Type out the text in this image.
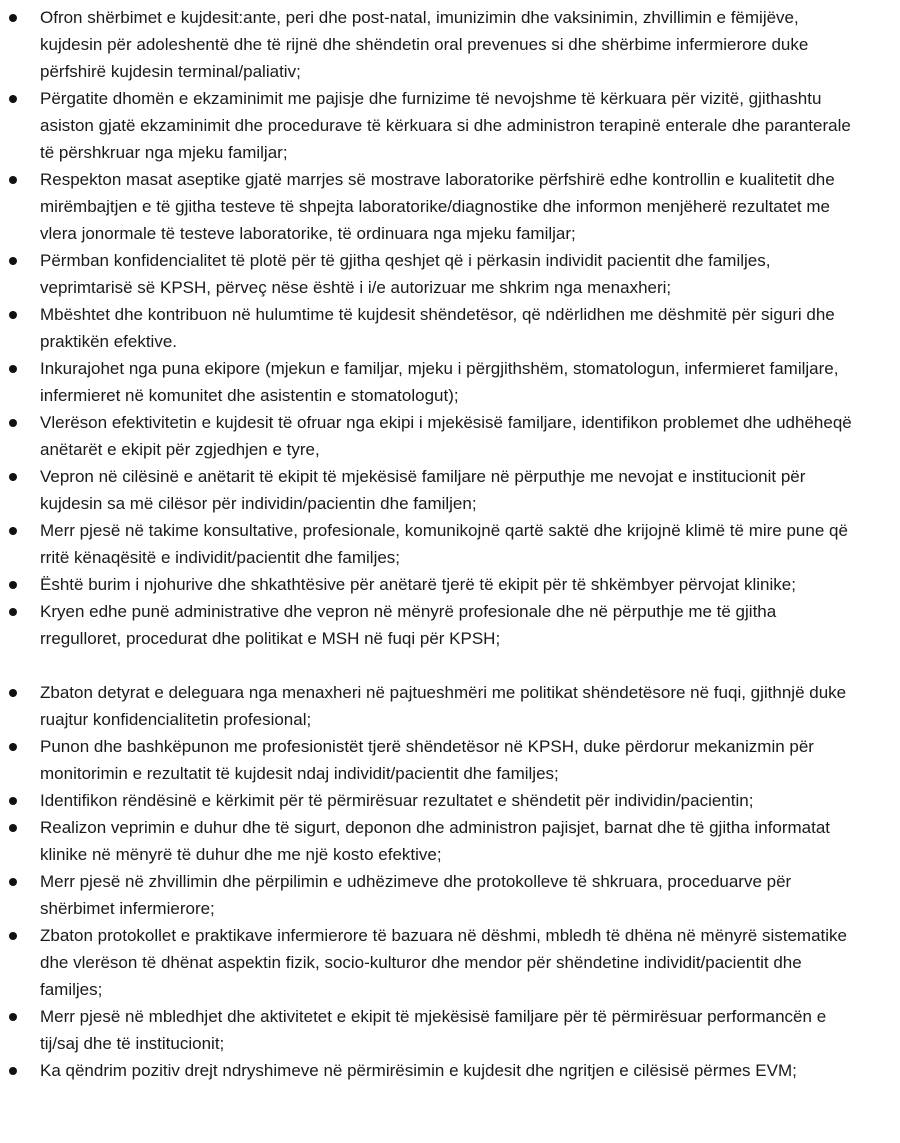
Ofron shërbimet e kujdesit:ante, peri dhe post-natal, imunizimin dhe vaksinimin, zhvillimin e fëmijëve, kujdesin për adoleshentë dhe të rijnë dhe shëndetin oral prevenues si dhe shërbime infermierore duke përfshirë kujdesin terminal/paliativ;
Përgatite dhomën e ekzaminimit me pajisje dhe furnizime të nevojshme të kërkuara për vizitë, gjithashtu asiston gjatë ekzaminimit dhe procedurave të kërkuara si dhe administron terapinë enterale dhe paranterale të përshkruar nga mjeku familjar;
Respekton masat aseptike gjatë marrjes së mostrave laboratorike përfshirë edhe kontrollin e kualitetit dhe mirëmbajtjen e të gjitha testeve të shpejta laboratorike/diagnostike dhe informon menjëherë rezultatet me vlera jonormale të testeve laboratorike, të ordinuara nga mjeku familjar;
Përmban konfidencialitet të plotë për të gjitha qeshjet që i përkasin individit pacientit dhe familjes, veprimtarisë së KPSH, përveç nëse është i i/e autorizuar me shkrim nga menaxheri;
Mbështet dhe kontribuon në hulumtime të kujdesit shëndetësor, që ndërlidhen me dëshmitë për siguri dhe praktikën efektive.
Inkurajohet nga puna ekipore (mjekun e familjar, mjeku i përgjithshëm, stomatologun, infermieret familjare, infermieret në komunitet dhe asistentin e stomatologut);
Vlerëson efektivitetin e kujdesit të ofruar nga ekipi i mjekësisë familjare, identifikon problemet dhe udhëheqë anëtarët e ekipit për zgjedhjen e tyre,
Vepron në cilësinë e anëtarit të ekipit të mjekësisë familjare në përputhje me nevojat e institucionit për kujdesin sa më cilësor për individin/pacientin dhe familjen;
Merr pjesë në takime konsultative, profesionale, komunikojnë qartë saktë dhe krijojnë klimë të mire pune që rritë kënaqësitë e individit/pacientit dhe familjes;
Është burim i njohurive dhe shkathtësive për anëtarë tjerë të ekipit për të shkëmbyer përvojat klinike;
Kryen edhe punë administrative dhe vepron në mënyrë profesionale dhe në përputhje me të gjitha rregulloret, procedurat dhe politikat e MSH në fuqi për KPSH;
Zbaton detyrat e deleguara nga menaxheri në pajtueshmëri me politikat shëndetësore në fuqi, gjithnjë duke ruajtur konfidencialitetin profesional;
Punon dhe bashkëpunon me profesionistët tjerë shëndetësor në KPSH, duke përdorur mekanizmin për monitorimin e rezultatit të kujdesit ndaj individit/pacientit dhe familjes;
Identifikon rëndësinë e kërkimit për të përmirësuar rezultatet e shëndetit për individin/pacientin;
Realizon veprimin e duhur dhe të sigurt, deponon dhe administron pajisjet, barnat dhe të gjitha informatat klinike në mënyrë të duhur dhe me një kosto efektive;
Merr pjesë në zhvillimin dhe përpilimin e udhëzimeve dhe protokolleve të shkruara, proceduarve për shërbimet infermierore;
Zbaton protokollet e praktikave infermierore të bazuara në dëshmi, mbledh të dhëna në mënyrë sistematike dhe vlerëson të dhënat aspektin fizik, socio-kulturor dhe mendor për shëndetine individit/pacientit dhe familjes;
Merr pjesë në mbledhjet dhe aktivitetet e ekipit të mjekësisë familjare për të përmirësuar performancën e tij/saj dhe të institucionit;
Ka qëndrim pozitiv drejt ndryshimeve në përmirësimin e kujdesit dhe ngritjen e cilësisë përmes EVM;
